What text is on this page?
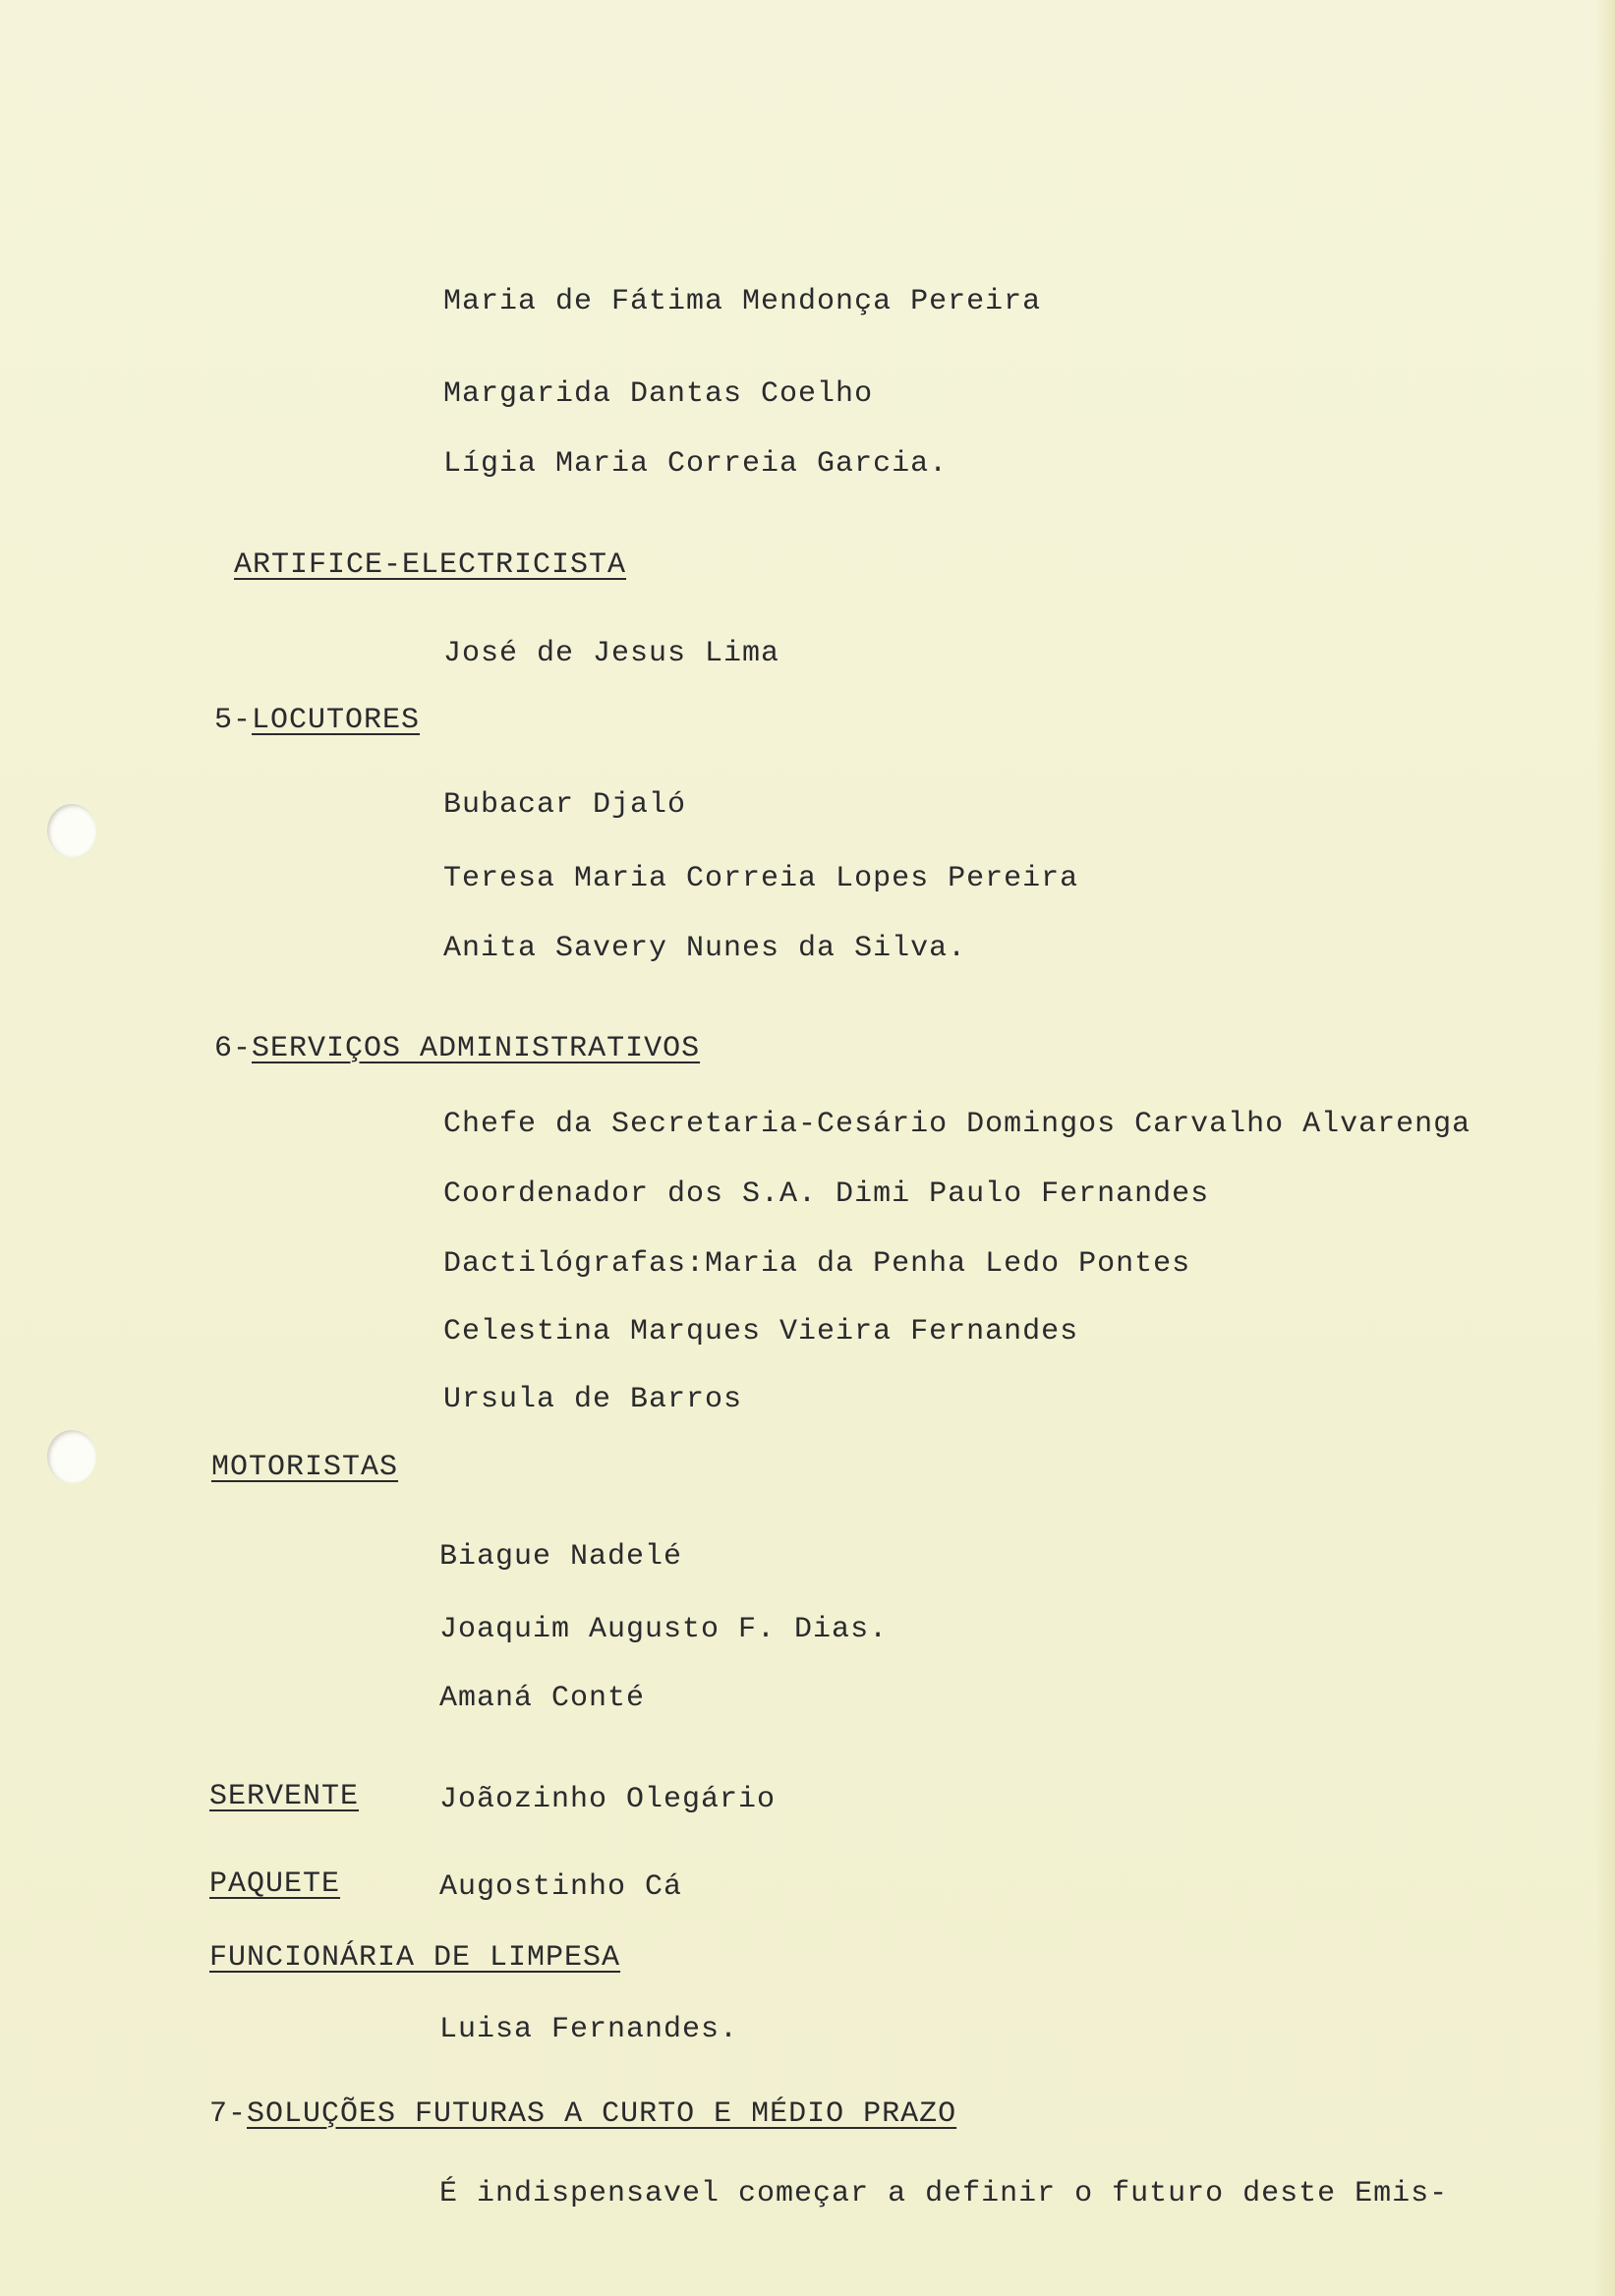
Maria de Fátima Mendonça Pereira
Margarida Dantas Coelho
Lígia Maria Correia Garcia.
ARTIFICE-ELECTRICISTA
José de Jesus Lima
5-LOCUTORES
Bubacar Djaló
Teresa Maria Correia Lopes Pereira
Anita Savery Nunes da Silva.
6-SERVIÇOS ADMINISTRATIVOS
Chefe da Secretaria-Cesário Domingos Carvalho Alvarenga
Coordenador dos S.A. Dimi Paulo Fernandes
Dactilógrafas:Maria da Penha Ledo Pontes
Celestina Marques Vieira Fernandes
Ursula de Barros
MOTORISTAS
Biague Nadelé
Joaquim Augusto F. Dias.
Amaná Conté
SERVENTE	Joãozinho Olegário
PAQUETE	Augostinho Cá
FUNCIONÁRIA DE LIMPESA
Luisa Fernandes.
7-SOLUÇÕES FUTURAS A CURTO E MÉDIO PRAZO
É indispensavel começar a definir o futuro deste Emis-
